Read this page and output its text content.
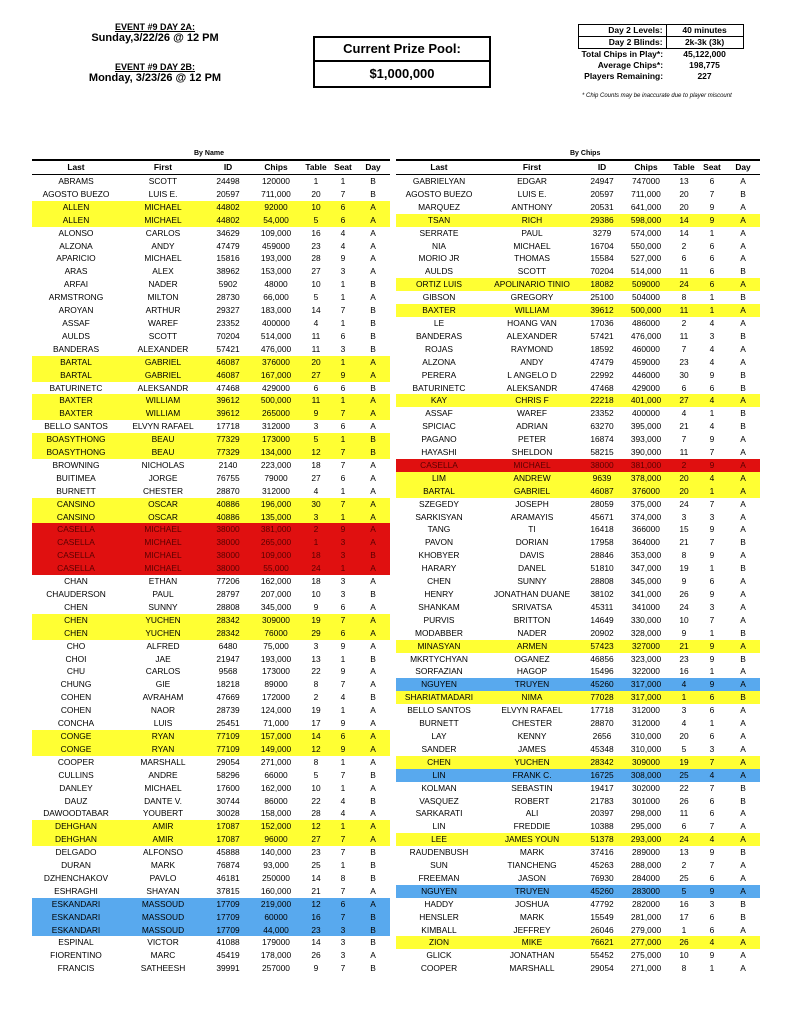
EVENT #9 DAY 2A:
Sunday,3/22/26 @ 12 PM
EVENT #9 DAY 2B:
Monday, 3/23/26 @ 12 PM
Current Prize Pool:
$1,000,000
Day 2 Levels:	40 minutes
Day 2 Blinds:	2k-3k (3k)
Total Chips in Play*:	45,122,000
Average Chips*:	198,775
Players Remaining:	227
* Chip Counts may be inaccurate due to player miscount
By Name	By Chips
Last	First	ID	Chips	Table	Seat	Day
ABRAMS	SCOTT	24498	120000	1	1	B
AGOSTO BUEZO	LUIS E.	20597	711,000	20	7	B
ALLEN	MICHAEL	44802	92000	10	6	A
ALLEN	MICHAEL	44802	54,000	5	6	A
ALONSO	CARLOS	34629	109,000	16	4	A
ALZONA	ANDY	47479	459000	23	4	A
APARICIO	MICHAEL	15816	193,000	28	9	A
ARAS	ALEX	38962	153,000	27	3	A
ARFAI	NADER	5902	48000	10	1	B
ARMSTRONG	MILTON	28730	66,000	5	1	A
AROYAN	ARTHUR	29327	183,000	14	7	B
ASSAF	WAREF	23352	400000	4	1	B
AULDS	SCOTT	70204	514,000	11	6	B
BANDERAS	ALEXANDER	57421	476,000	11	3	B
BARTAL	GABRIEL	46087	376000	20	1	A
BARTAL	GABRIEL	46087	167,000	27	9	A
BATURINETC	ALEKSANDR	47468	429000	6	6	B
BAXTER	WILLIAM	39612	500,000	11	1	A
BAXTER	WILLIAM	39612	265000	9	7	A
BELLO SANTOS	ELVYN RAFAEL	17718	312000	3	6	A
BOASYTHONG	BEAU	77329	173000	5	1	B
BOASYTHONG	BEAU	77329	134,000	12	7	B
BROWNING	NICHOLAS	2140	223,000	18	7	A
BUITIMEA	JORGE	76755	79000	27	6	A
BURNETT	CHESTER	28870	312000	4	1	A
CANSINO	OSCAR	40886	196,000	30	7	A
CANSINO	OSCAR	40886	135,000	3	1	A
CASELLA	MICHAEL	38000	381,000	2	9	A
CASELLA	MICHAEL	38000	265,000	1	3	A
CASELLA	MICHAEL	38000	109,000	18	3	B
CASELLA	MICHAEL	38000	55,000	24	1	A
CHAN	ETHAN	77206	162,000	18	3	A
CHAUDERSON	PAUL	28797	207,000	10	3	B
CHEN	SUNNY	28808	345,000	9	6	A
CHEN	YUCHEN	28342	309000	19	7	A
CHEN	YUCHEN	28342	76000	29	6	A
CHO	ALFRED	6480	75,000	3	9	A
CHOI	JAE	21947	193,000	13	1	B
CHU	CARLOS	9568	173000	22	9	A
CHUNG	GIE	18218	89000	8	7	A
COHEN	AVRAHAM	47669	172000	2	4	B
COHEN	NAOR	28739	124,000	19	1	A
CONCHA	LUIS	25451	71,000	17	9	A
CONGE	RYAN	77109	157,000	14	6	A
CONGE	RYAN	77109	149,000	12	9	A
COOPER	MARSHALL	29054	271,000	8	1	A
CULLINS	ANDRE	58296	66000	5	7	B
DANLEY	MICHAEL	17600	162,000	10	1	A
DAUZ	DANTE V.	30744	86000	22	4	B
DAWOODTABAR	YOUBERT	30028	158,000	28	4	A
DEHGHAN	AMIR	17087	152,000	12	1	A
DEHGHAN	AMIR	17087	96000	27	7	A
DELGADO	ALFONSO	45888	140,000	23	7	B
DURAN	MARK	76874	93,000	25	1	B
DZHENCHAKOV	PAVLO	46181	250000	14	8	B
ESHRAGHI	SHAYAN	37815	160,000	21	7	A
ESKANDARI	MASSOUD	17709	219,000	12	6	A
ESKANDARI	MASSOUD	17709	60000	16	7	B
ESKANDARI	MASSOUD	17709	44,000	23	3	B
ESPINAL	VICTOR	41088	179000	14	3	B
FIORENTINO	MARC	45419	178,000	26	3	A
FRANCIS	SATHEESH	39991	257000	9	7	B
Last	First	ID	Chips	Table	Seat	Day
GABRIELYAN	EDGAR	24947	747000	13	6	A
AGOSTO BUEZO	LUIS E.	20597	711,000	20	7	B
MARQUEZ	ANTHONY	20531	641,000	20	9	A
TSAN	RICH	29386	598,000	14	9	A
SERRATE	PAUL	3279	574,000	14	1	A
NIA	MICHAEL	16704	550,000	2	6	A
MORIO JR	THOMAS	15584	527,000	6	6	A
AULDS	SCOTT	70204	514,000	11	6	B
ORTIZ LUIS	APOLINARIO TINIO	18082	509000	24	6	A
GIBSON	GREGORY	25100	504000	8	1	B
BAXTER	WILLIAM	39612	500,000	11	1	A
LE	HOANG VAN	17036	486000	2	4	A
BANDERAS	ALEXANDER	57421	476,000	11	3	B
ROJAS	RAYMOND	18592	460000	7	4	A
ALZONA	ANDY	47479	459000	23	4	A
PERERA	L ANGELO D	22992	446000	30	9	B
BATURINETC	ALEKSANDR	47468	429000	6	6	B
KAY	CHRIS F	22218	401,000	27	4	A
ASSAF	WAREF	23352	400000	4	1	B
SPICIAC	ADRIAN	63270	395,000	21	4	B
PAGANO	PETER	16874	393,000	7	9	A
HAYASHI	SHELDON	58215	390,000	11	7	A
CASELLA	MICHAEL	38000	381,000	2	9	A
LIM	ANDREW	9639	378,000	20	4	A
BARTAL	GABRIEL	46087	376000	20	1	A
SZEGEDY	JOSEPH	28059	375,000	24	7	A
SARKISYAN	ARAMAYIS	45671	374,000	3	3	A
TANG	TI	16418	366000	15	9	A
PAVON	DORIAN	17958	364000	21	7	B
KHOBYER	DAVIS	28846	353,000	8	9	A
HARARY	DANEL	51810	347,000	19	1	B
CHEN	SUNNY	28808	345,000	9	6	A
HENRY	JONATHAN DUANE	38102	341,000	26	9	A
SHANKAM	SRIVATSA	45311	341000	24	3	A
PURVIS	BRITTON	14649	330,000	10	7	A
MODABBER	NADER	20902	328,000	9	1	B
MINASYAN	ARMEN	57423	327000	21	9	A
MKRTYCHYAN	OGANEZ	46856	323,000	23	9	B
SORFAZIAN	HAGOP	15496	322000	16	1	A
NGUYEN	TRUYEN	45260	317,000	4	9	A
SHARIATMADARI	NIMA	77028	317,000	1	6	B
BELLO SANTOS	ELVYN RAFAEL	17718	312000	3	6	A
BURNETT	CHESTER	28870	312000	4	1	A
LAY	KENNY	2656	310,000	20	6	A
SANDER	JAMES	45348	310,000	5	3	A
CHEN	YUCHEN	28342	309000	19	7	A
LIN	FRANK C.	16725	308,000	25	4	A
KOLMAN	SEBASTIN	19417	302000	22	7	B
VASQUEZ	ROBERT	21783	301000	26	6	B
SARKARATI	ALI	20397	298,000	11	6	A
LIN	FREDDIE	10388	295,000	6	7	A
LEE	JAMES YOUN	51378	293,000	24	4	A
RAUDENBUSH	MARK	37416	289000	13	9	B
SUN	TIANCHENG	45263	288,000	2	7	A
FREEMAN	JASON	76930	284000	25	6	A
NGUYEN	TRUYEN	45260	283000	5	9	A
HADDY	JOSHUA	47792	282000	16	3	B
HENSLER	MARK	15549	281,000	17	6	B
KIMBALL	JEFFREY	26046	279,000	1	6	A
ZION	MIKE	76621	277,000	26	4	A
GLICK	JONATHAN	55452	275,000	10	9	A
COOPER	MARSHALL	29054	271,000	8	1	A
